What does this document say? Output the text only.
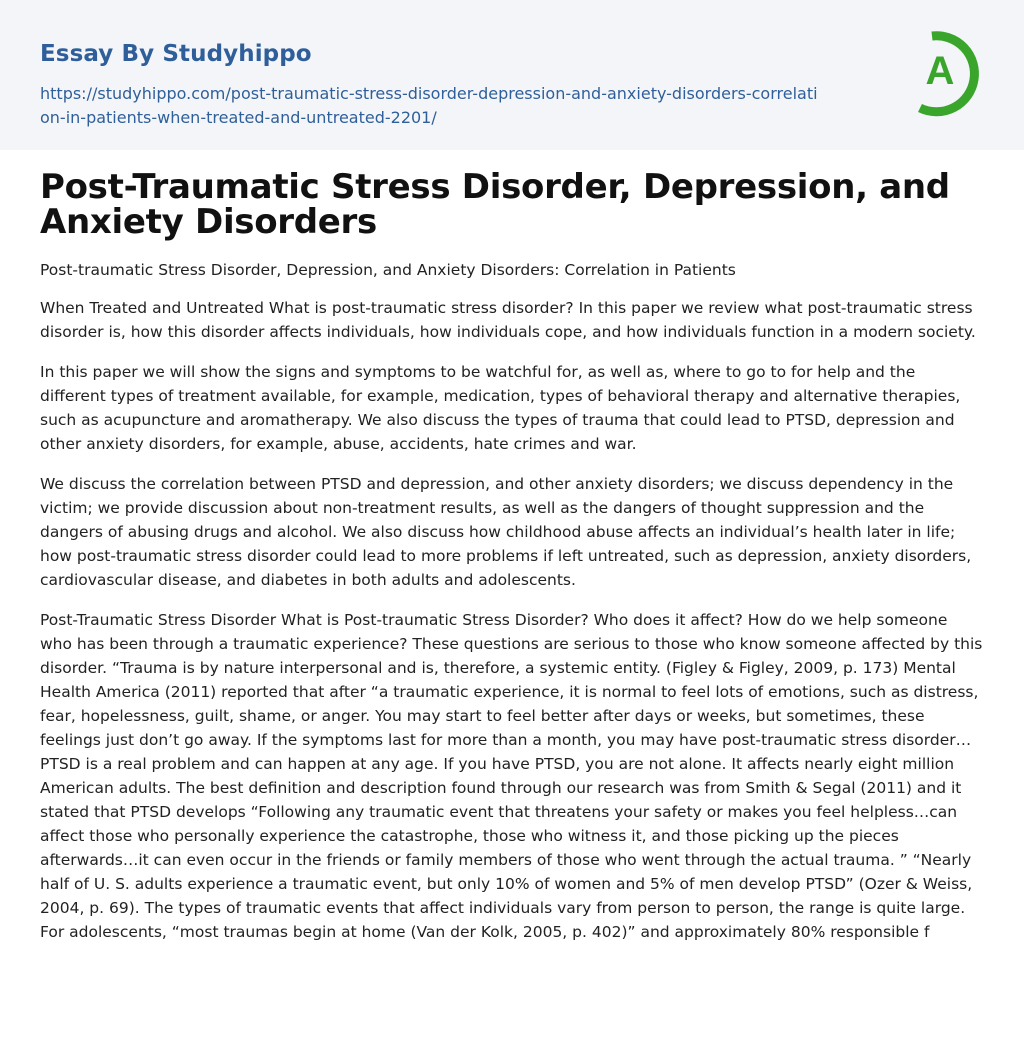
Essay By Studyhippo
https://studyhippo.com/post-traumatic-stress-disorder-depression-and-anxiety-disorders-correlation-in-patients-when-treated-and-untreated-2201/
A
Post-Traumatic Stress Disorder, Depression, and Anxiety Disorders
Post-traumatic Stress Disorder, Depression, and Anxiety Disorders: Correlation in Patients

When Treated and Untreated What is post-traumatic stress disorder? In this paper we review what post-traumatic stress disorder is, how this disorder affects individuals, how individuals cope, and how individuals function in a modern society.

In this paper we will show the signs and symptoms to be watchful for, as well as, where to go to for help and the different types of treatment available, for example, medication, types of behavioral therapy and alternative therapies, such as acupuncture and aromatherapy. We also discuss the types of trauma that could lead to PTSD, depression and other anxiety disorders, for example, abuse, accidents, hate crimes and war.

We discuss the correlation between PTSD and depression, and other anxiety disorders; we discuss dependency in the victim; we provide discussion about non-treatment results, as well as the dangers of thought suppression and the dangers of abusing drugs and alcohol. We also discuss how childhood abuse affects an individual’s health later in life; how post-traumatic stress disorder could lead to more problems if left untreated, such as depression, anxiety disorders, cardiovascular disease, and diabetes in both adults and adolescents.

Post-Traumatic Stress Disorder What is Post-traumatic Stress Disorder? Who does it affect? How do we help someone who has been through a traumatic experience? These questions are serious to those who know someone affected by this disorder. “Trauma is by nature interpersonal and is, therefore, a systemic entity. (Figley & Figley, 2009, p. 173) Mental Health America (2011) reported that after “a traumatic experience, it is normal to feel lots of emotions, such as distress, fear, hopelessness, guilt, shame, or anger. You may start to feel better after days or weeks, but sometimes, these feelings just don’t go away. If the symptoms last for more than a month, you may have post-traumatic stress disorder…PTSD is a real problem and can happen at any age. If you have PTSD, you are not alone. It affects nearly eight million American adults. The best definition and description found through our research was from Smith & Segal (2011) and it stated that PTSD develops “Following any traumatic event that threatens your safety or makes you feel helpless…can affect those who personally experience the catastrophe, those who witness it, and those picking up the pieces afterwards…it can even occur in the friends or family members of those who went through the actual trauma. ” “Nearly half of U. S. adults experience a traumatic event, but only 10% of women and 5% of men develop PTSD” (Ozer & Weiss, 2004, p. 69). The types of traumatic events that affect individuals vary from person to person, the range is quite large. For adolescents, “most traumas begin at home (Van der Kolk, 2005, p. 402)” and approximately 80% responsible f
